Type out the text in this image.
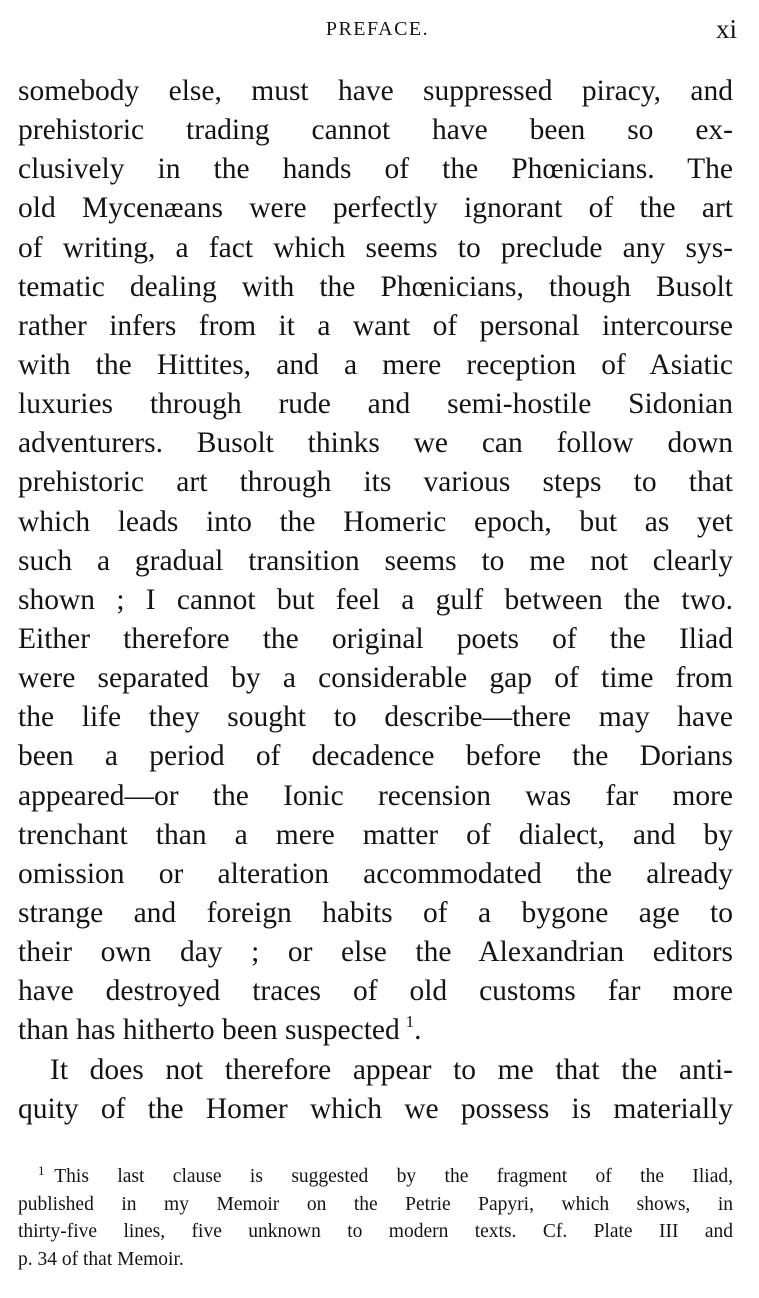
PREFACE.	xi
somebody else, must have suppressed piracy, and
prehistoric trading cannot have been so ex-
clusively in the hands of the Phœnicians. The
old Mycenæans were perfectly ignorant of the art
of writing, a fact which seems to preclude any sys-
tematic dealing with the Phœnicians, though Busolt
rather infers from it a want of personal intercourse
with the Hittites, and a mere reception of Asiatic
luxuries through rude and semi-hostile Sidonian
adventurers. Busolt thinks we can follow down
prehistoric art through its various steps to that
which leads into the Homeric epoch, but as yet
such a gradual transition seems to me not clearly
shown ; I cannot but feel a gulf between the two.
Either therefore the original poets of the Iliad
were separated by a considerable gap of time from
the life they sought to describe—there may have
been a period of decadence before the Dorians
appeared—or the Ionic recension was far more
trenchant than a mere matter of dialect, and by
omission or alteration accommodated the already
strange and foreign habits of a bygone age to
their own day ; or else the Alexandrian editors
have destroyed traces of old customs far more
than has hitherto been suspected  $^1$.
It does not therefore appear to me that the anti-
quity of the Homer which we possess is materially
$^1$  This last clause is suggested by the fragment of the Iliad,
published in my Memoir on the Petrie Papyri, which shows, in
thirty-five lines, five unknown to modern texts. Cf. Plate III and
p. 34 of that Memoir.
